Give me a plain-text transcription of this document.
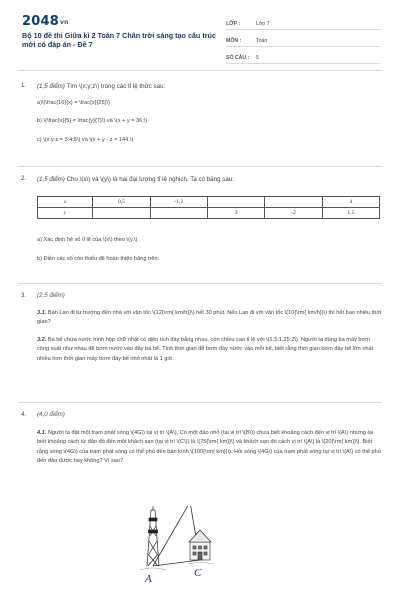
2048vn
Bộ 10 đề thi Giữa kì 2 Toán 7 Chân trời sáng tạo cấu trúc mới có đáp án - Đề 7
LỚP :	Lớp 7
MÔN :	Toán
SỐ CÂU :	5
1. (1,5 điểm) Tìm \(x;y;z\) trong các tỉ lệ thức sau:
a)\(\frac{16}{x} = \frac{x}{25}\)
b) \(\frac{x}{5} = \frac{y}{7}\) và \(x + y = 36;\)
c) \(x:y:z = 3:4:5\) và \(x + y - z = 144.\)
2. (1,5 điểm) Cho \(x\) và \(y\) là hai đại lượng tỉ lệ nghịch. Ta có bảng sau:
x	0,5	-1,2			4
y			3	-2	1,5
a) Xác định hệ số tỉ lệ của \(x\) theo \(y.\)
b) Điền các số còn thiếu để hoàn thiện bảng trên.
3. (2,5 điểm)
3.1. Bạn Lan đi từ trường đến nhà với vận tốc \(12{\rm{ km/h}}\) hết 30 phút. Nếu Lan đi với vận tốc \(10{\rm{ km/h}}\) thì hết bao nhiêu thời gian?
3.2. Ba bể chứa nước hình hộp chữ nhật có diện tích đáy bằng nhau, còn chiều cao tỉ lệ với \(1,5:1,25:2\). Người ta dùng ba máy bơm công suất như nhau để bơm nước vào đầy ba bể. Tính thời gian để bơm đầy nước vào mỗi bể, biết rằng thời gian bơm đầy bể lớn nhất nhiều hơn thời gian máy bơm đầy bể nhỏ nhất là 1 giờ.
4. (4,0 điểm)
4.1. Người ta đặt một trạm phát sóng \(4G\) tại vị trí \(A\). Có một đảo nhỏ (tại vị trí \(B\)) chưa biết khoảng cách đến vị trí \(A\) nhưng lại biết khoảng cách từ đảo đó đến một khách sạn (tại vị trí \(C\)) là \(75{\rm{ km}}\) và khách sạn đó cách vị trí \(A\) là \(20{\rm{ km}}\). Biết rằng sóng \(4G\) của trạm phát sóng có thể phủ đến bán kính \(100{\rm{ km}}\). Hỏi sóng \(4G\) của trạm phát sóng tại vị trí \(A\) có thể phủ đến đảo được hay không? Vì sao?
A	C
